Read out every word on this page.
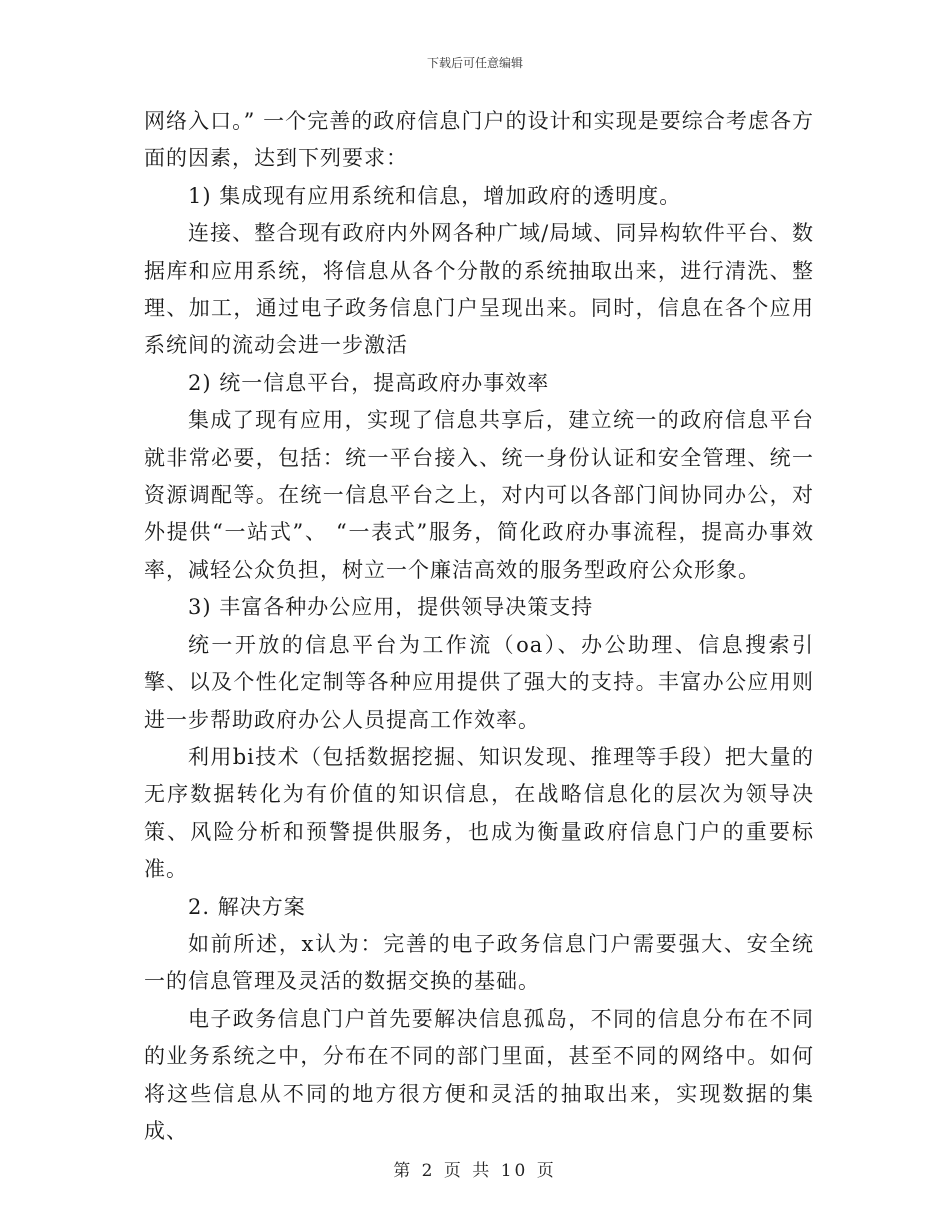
下载后可任意编辑

网络入口。” 一个完善的政府信息门户的设计和实现是要综合考虑各方面的因素，达到下列要求：

1) 集成现有应用系统和信息，增加政府的透明度。

连接、整合现有政府内外网各种广域/局域、同异构软件平台、数据库和应用系统，将信息从各个分散的系统抽取出来，进行清洗、整理、加工，通过电子政务信息门户呈现出来。同时，信息在各个应用系统间的流动会进一步激活

2) 统一信息平台，提高政府办事效率

集成了现有应用，实现了信息共享后，建立统一的政府信息平台就非常必要，包括：统一平台接入、统一身份认证和安全管理、统一资源调配等。在统一信息平台之上，对内可以各部门间协同办公，对外提供“一站式”、 “一表式”服务，简化政府办事流程，提高办事效率，减轻公众负担，树立一个廉洁高效的服务型政府公众形象。

3) 丰富各种办公应用，提供领导决策支持

统一开放的信息平台为工作流（oa）、办公助理、信息搜索引擎、以及个性化定制等各种应用提供了强大的支持。丰富办公应用则进一步帮助政府办公人员提高工作效率。

利用bi技术（包括数据挖掘、知识发现、推理等手段）把大量的无序数据转化为有价值的知识信息，在战略信息化的层次为领导决策、风险分析和预警提供服务，也成为衡量政府信息门户的重要标准。

2. 解决方案

如前所述，x认为：完善的电子政务信息门户需要强大、安全统一的信息管理及灵活的数据交换的基础。

电子政务信息门户首先要解决信息孤岛，不同的信息分布在不同的业务系统之中，分布在不同的部门里面，甚至不同的网络中。如何将这些信息从不同的地方很方便和灵活的抽取出来，实现数据的集成、

第 2 页 共 10 页
